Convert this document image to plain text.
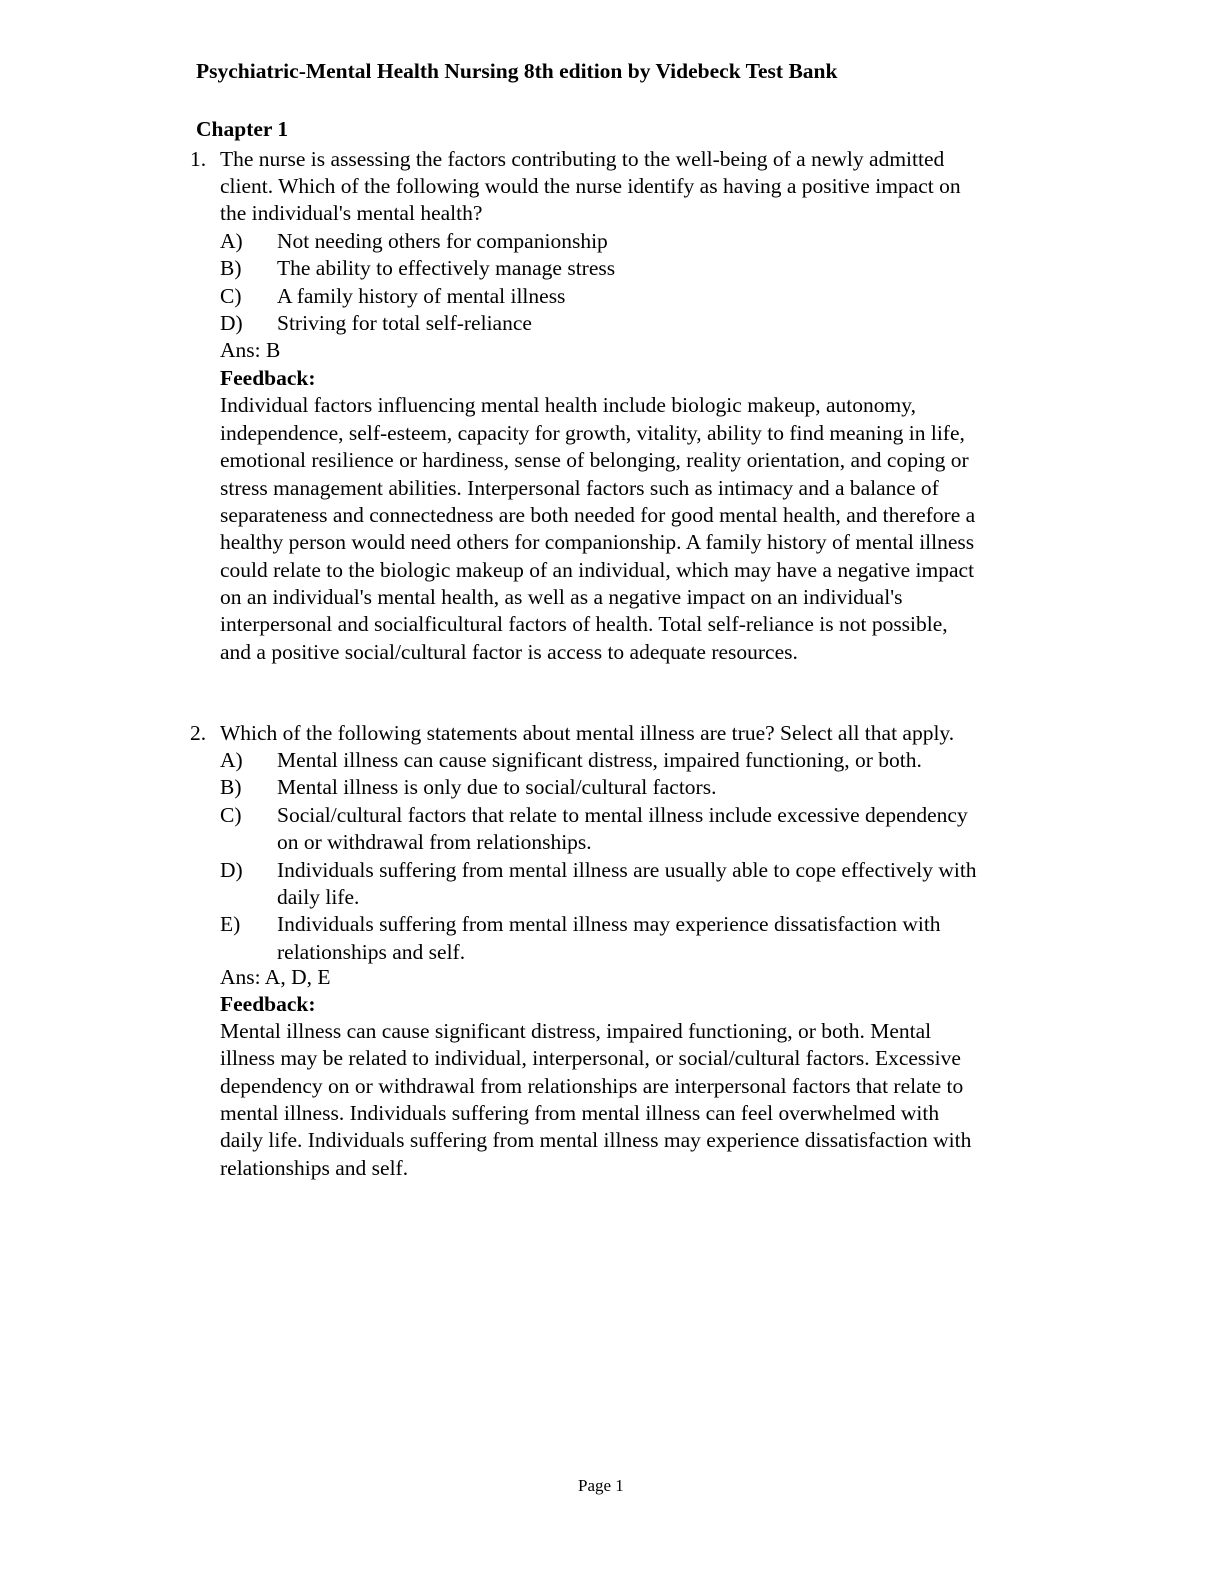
Psychiatric-Mental Health Nursing 8th edition by Videbeck Test Bank
Chapter 1
1. The nurse is assessing the factors contributing to the well-being of a newly admitted
client. Which of the following would the nurse identify as having a positive impact on
the individual's mental health?
A) Not needing others for companionship
B) The ability to effectively manage stress
C) A family history of mental illness
D) Striving for total self-reliance
Ans: B
Feedback:
Individual factors influencing mental health include biologic makeup, autonomy,
independence, self-esteem, capacity for growth, vitality, ability to find meaning in life,
emotional resilience or hardiness, sense of belonging, reality orientation, and coping or
stress management abilities. Interpersonal factors such as intimacy and a balance of
separateness and connectedness are both needed for good mental health, and therefore a
healthy person would need others for companionship. A family history of mental illness
could relate to the biologic makeup of an individual, which may have a negative impact
on an individual's mental health, as well as a negative impact on an individual's
interpersonal and socialficultural factors of health. Total self-reliance is not possible,
and a positive social/cultural factor is access to adequate resources.
2. Which of the following statements about mental illness are true? Select all that apply.
A) Mental illness can cause significant distress, impaired functioning, or both.
B) Mental illness is only due to social/cultural factors.
C) Social/cultural factors that relate to mental illness include excessive dependency
on or withdrawal from relationships.
D) Individuals suffering from mental illness are usually able to cope effectively with
daily life.
E) Individuals suffering from mental illness may experience dissatisfaction with
relationships and self.
Ans: A, D, E
Feedback:
Mental illness can cause significant distress, impaired functioning, or both. Mental
illness may be related to individual, interpersonal, or social/cultural factors. Excessive
dependency on or withdrawal from relationships are interpersonal factors that relate to
mental illness. Individuals suffering from mental illness can feel overwhelmed with
daily life. Individuals suffering from mental illness may experience dissatisfaction with
relationships and self.
Page 1
